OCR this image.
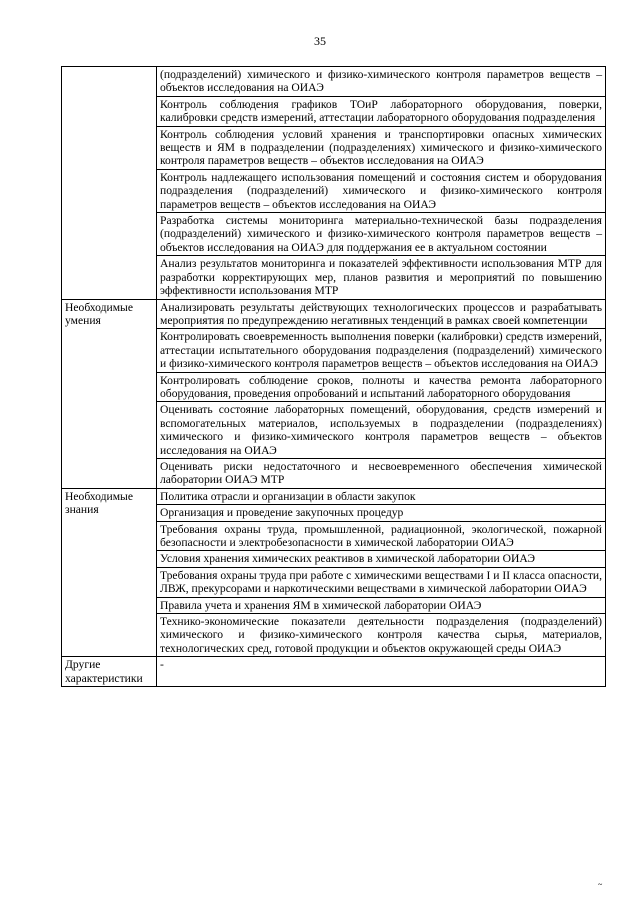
35
	(подразделений) химического и физико-химического контроля параметров веществ – объектов исследования на ОИАЭ
	Контроль соблюдения графиков ТОиР лабораторного оборудования, поверки, калибровки средств измерений, аттестации лабораторного оборудования подразделения
	Контроль соблюдения условий хранения и транспортировки опасных химических веществ и ЯМ в подразделении (подразделениях) химического и физико-химического контроля параметров веществ – объектов исследования на ОИАЭ
	Контроль надлежащего использования помещений и состояния систем и оборудования подразделения (подразделений) химического и физико-химического контроля параметров веществ – объектов исследования на ОИАЭ
	Разработка системы мониторинга материально-технической базы подразделения (подразделений) химического и физико-химического контроля параметров веществ – объектов исследования на ОИАЭ для поддержания ее в актуальном состоянии
	Анализ результатов мониторинга и показателей эффективности использования МТР для разработки корректирующих мер, планов развития и мероприятий по повышению эффективности использования МТР
Необходимые умения	Анализировать результаты действующих технологических процессов и разрабатывать мероприятия по предупреждению негативных тенденций в рамках своей компетенции
	Контролировать своевременность выполнения поверки (калибровки) средств измерений, аттестации испытательного оборудования подразделения (подразделений) химического и физико-химического контроля параметров веществ – объектов исследования на ОИАЭ
	Контролировать соблюдение сроков, полноты и качества ремонта лабораторного оборудования, проведения опробований и испытаний лабораторного оборудования
	Оценивать состояние лабораторных помещений, оборудования, средств измерений и вспомогательных материалов, используемых в подразделении (подразделениях) химического и физико-химического контроля параметров веществ – объектов исследования на ОИАЭ
	Оценивать риски недостаточного и несвоевременного обеспечения химической лаборатории ОИАЭ МТР
Необходимые знания	Политика отрасли и организации в области закупок
	Организация и проведение закупочных процедур
	Требования охраны труда, промышленной, радиационной, экологической, пожарной безопасности и электробезопасности в химической лаборатории ОИАЭ
	Условия хранения химических реактивов в химической лаборатории ОИАЭ
	Требования охраны труда при работе с химическими веществами I и II класса опасности, ЛВЖ, прекурсорами и наркотическими веществами в химической лаборатории ОИАЭ
	Правила учета и хранения ЯМ в химической лаборатории ОИАЭ
	Технико-экономические показатели деятельности подразделения (подразделений) химического и физико-химического контроля качества сырья, материалов, технологических сред, готовой продукции и объектов окружающей среды ОИАЭ
Другие характеристики	-
~
